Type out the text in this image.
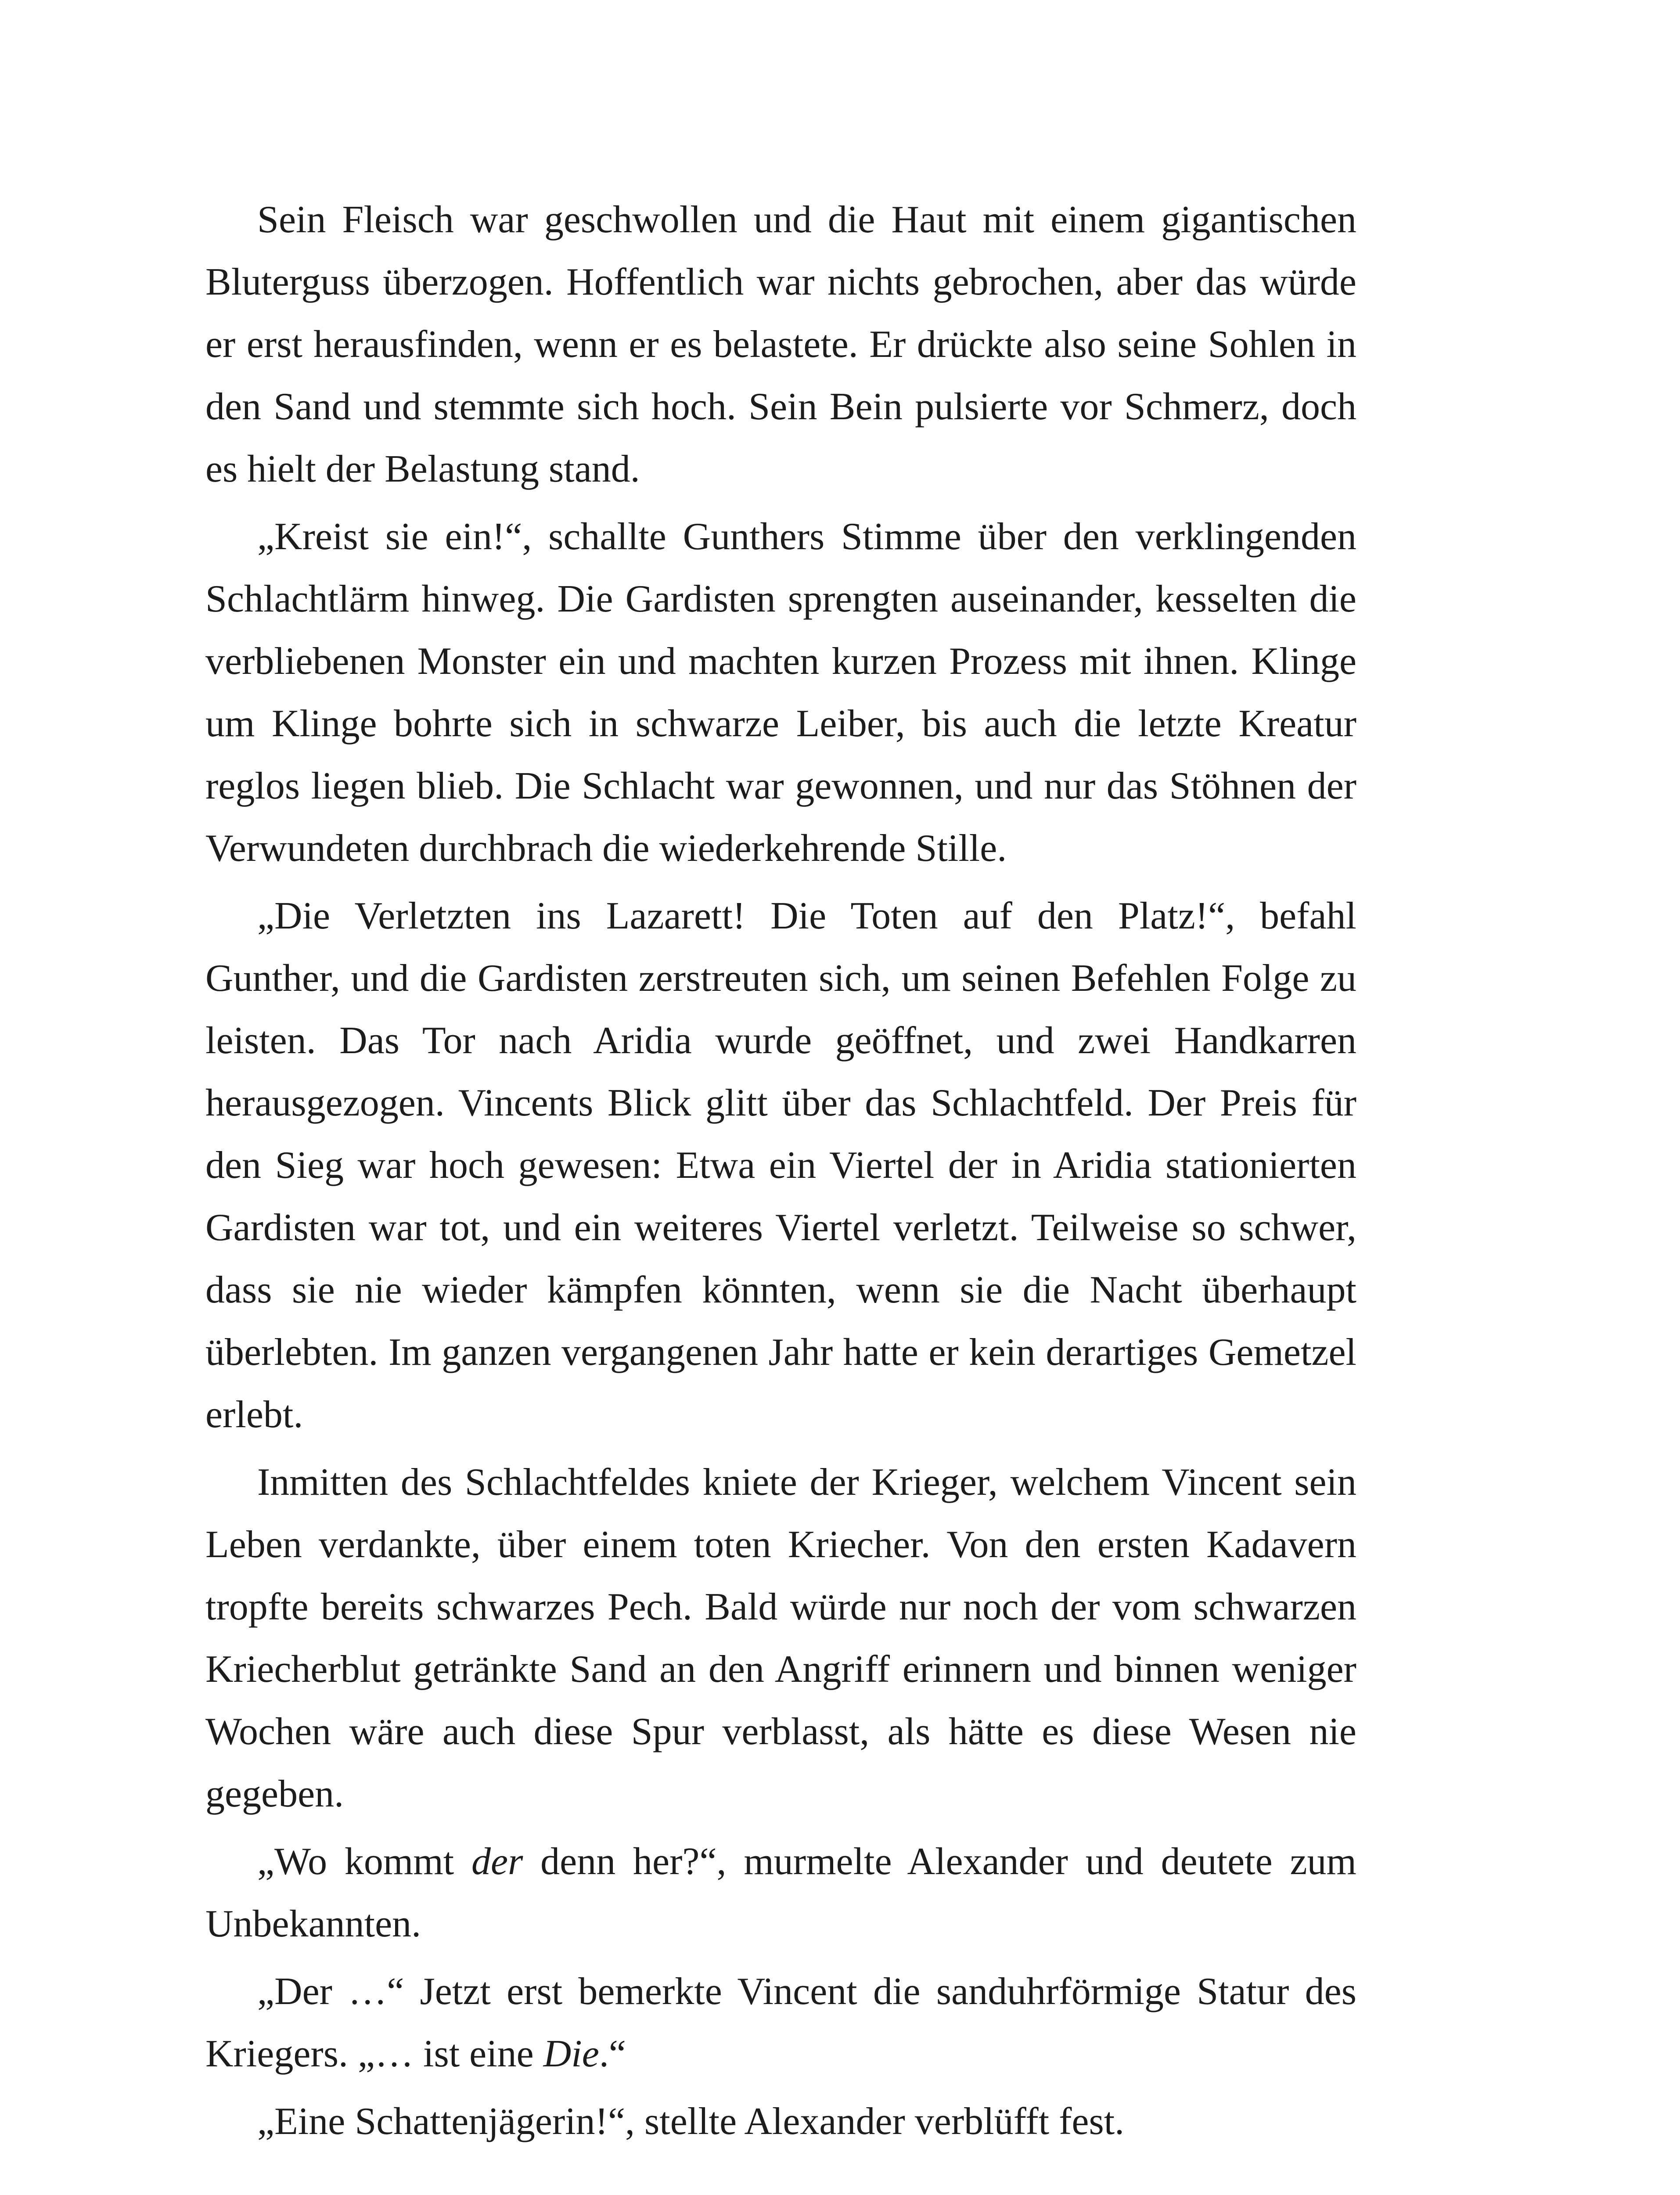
Sein Fleisch war geschwollen und die Haut mit einem gigantischen Bluterguss überzogen. Hoffentlich war nichts gebrochen, aber das würde er erst herausfinden, wenn er es belastete. Er drückte also seine Sohlen in den Sand und stemmte sich hoch. Sein Bein pulsierte vor Schmerz, doch es hielt der Belastung stand.

„Kreist sie ein!“, schallte Gunthers Stimme über den verklingenden Schlachtlärm hinweg. Die Gardisten sprengten auseinander, kesselten die verbliebenen Monster ein und machten kurzen Prozess mit ihnen. Klinge um Klinge bohrte sich in schwarze Leiber, bis auch die letzte Kreatur reglos liegen blieb. Die Schlacht war gewonnen, und nur das Stöhnen der Verwundeten durchbrach die wiederkehrende Stille.

„Die Verletzten ins Lazarett! Die Toten auf den Platz!“, befahl Gunther, und die Gardisten zerstreuten sich, um seinen Befehlen Folge zu leisten. Das Tor nach Aridia wurde geöffnet, und zwei Handkarren herausgezogen. Vincents Blick glitt über das Schlachtfeld. Der Preis für den Sieg war hoch gewesen: Etwa ein Viertel der in Aridia stationierten Gardisten war tot, und ein weiteres Viertel verletzt. Teilweise so schwer, dass sie nie wieder kämpfen könnten, wenn sie die Nacht überhaupt überlebten. Im ganzen vergangenen Jahr hatte er kein derartiges Gemetzel erlebt.

Inmitten des Schlachtfeldes kniete der Krieger, welchem Vincent sein Leben verdankte, über einem toten Kriecher. Von den ersten Kadavern tropfte bereits schwarzes Pech. Bald würde nur noch der vom schwarzen Kriecherblut getränkte Sand an den Angriff erinnern und binnen weniger Wochen wäre auch diese Spur verblasst, als hätte es diese Wesen nie gegeben.

„Wo kommt der denn her?“, murmelte Alexander und deutete zum Unbekannten.

„Der …“ Jetzt erst bemerkte Vincent die sanduhrförmige Statur des Kriegers. „… ist eine Die.“

„Eine Schattenjägerin!“, stellte Alexander verblüfft fest.
